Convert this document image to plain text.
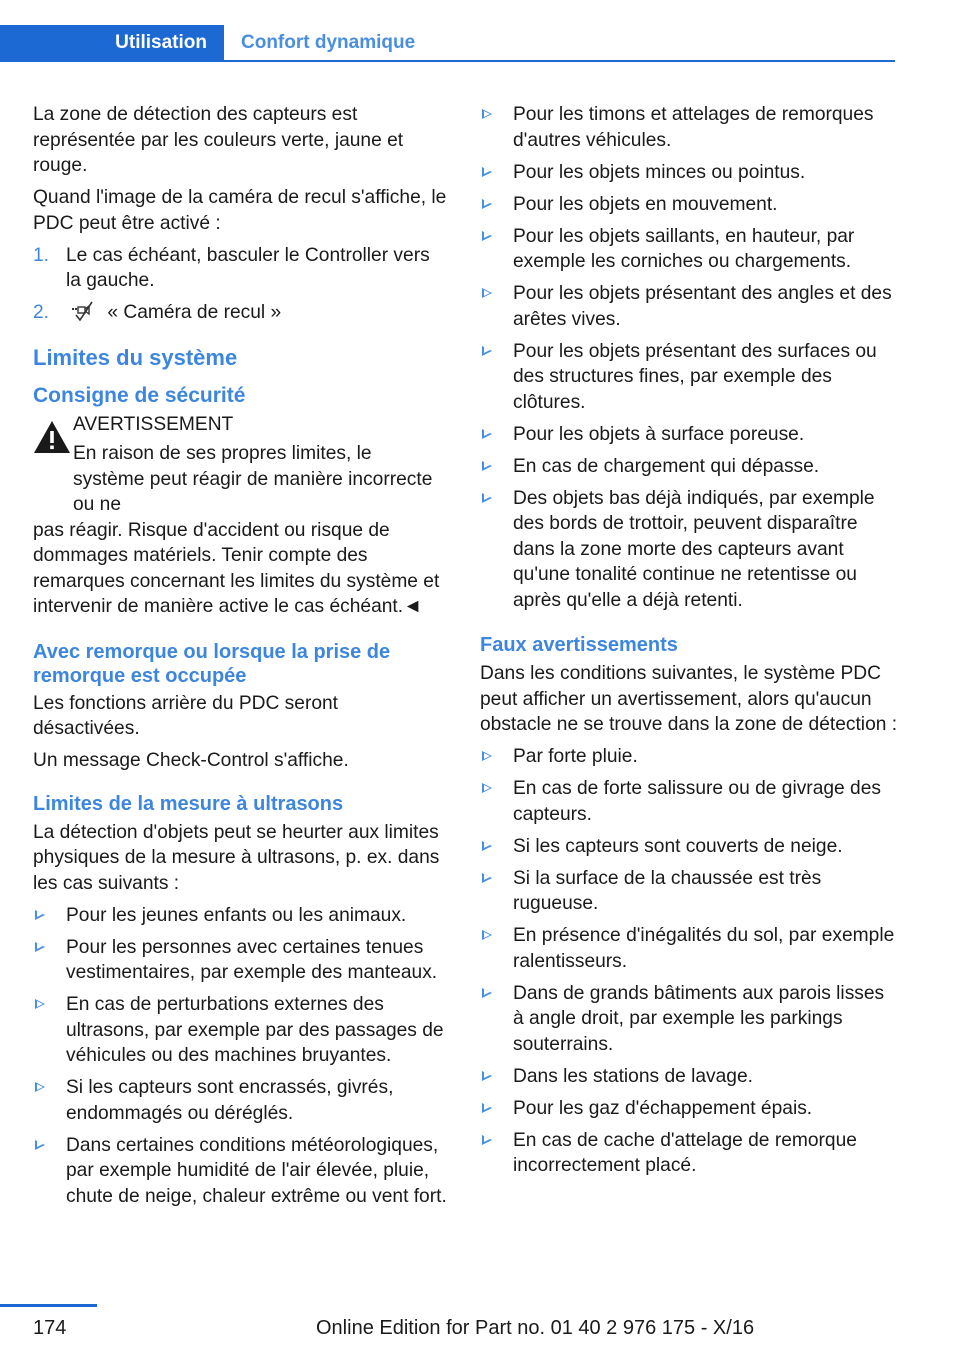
Utilisation	Confort dynamique

La zone de détection des capteurs est représentée par les couleurs verte, jaune et rouge.

Quand l'image de la caméra de recul s'affiche, le PDC peut être activé :

1. Le cas échéant, basculer le Controller vers la gauche.
2.	« Caméra de recul »
Limites du système
Consigne de sécurité

AVERTISSEMENT

En raison de ses propres limites, le système peut réagir de manière incorrecte ou ne

pas réagir. Risque d'accident ou risque de dommages matériels. Tenir compte des remarques concernant les limites du système et intervenir de manière active le cas échéant.◄

Avec remorque ou lorsque la prise de remorque est occupée

Les fonctions arrière du PDC seront désactivées.

Un message Check-Control s'affiche.

Limites de la mesure à ultrasons

La détection d'objets peut se heurter aux limites physiques de la mesure à ultrasons, p. ex. dans les cas suivants :

Pour les jeunes enfants ou les animaux.
Pour les personnes avec certaines tenues vestimentaires, par exemple des manteaux.
En cas de perturbations externes des ultrasons, par exemple par des passages de véhicules ou des machines bruyantes.
Si les capteurs sont encrassés, givrés, endommagés ou déréglés.
Dans certaines conditions météorologiques, par exemple humidité de l'air élevée, pluie, chute de neige, chaleur extrême ou vent fort.
Pour les timons et attelages de remorques d'autres véhicules.
Pour les objets minces ou pointus.
Pour les objets en mouvement.
Pour les objets saillants, en hauteur, par exemple les corniches ou chargements.
Pour les objets présentant des angles et des arêtes vives.
Pour les objets présentant des surfaces ou des structures fines, par exemple des clôtures.
Pour les objets à surface poreuse.
En cas de chargement qui dépasse.
Des objets bas déjà indiqués, par exemple des bords de trottoir, peuvent disparaître dans la zone morte des capteurs avant qu'une tonalité continue ne retentisse ou après qu'elle a déjà retenti.
Faux avertissements

Dans les conditions suivantes, le système PDC peut afficher un avertissement, alors qu'aucun obstacle ne se trouve dans la zone de détection :

Par forte pluie.
En cas de forte salissure ou de givrage des capteurs.
Si les capteurs sont couverts de neige.
Si la surface de la chaussée est très rugueuse.
En présence d'inégalités du sol, par exemple ralentisseurs.
Dans de grands bâtiments aux parois lisses à angle droit, par exemple les parkings souterrains.
Dans les stations de lavage.
Pour les gaz d'échappement épais.
En cas de cache d'attelage de remorque incorrectement placé.
174	Online Edition for Part no. 01 40 2 976 175 - X/16
